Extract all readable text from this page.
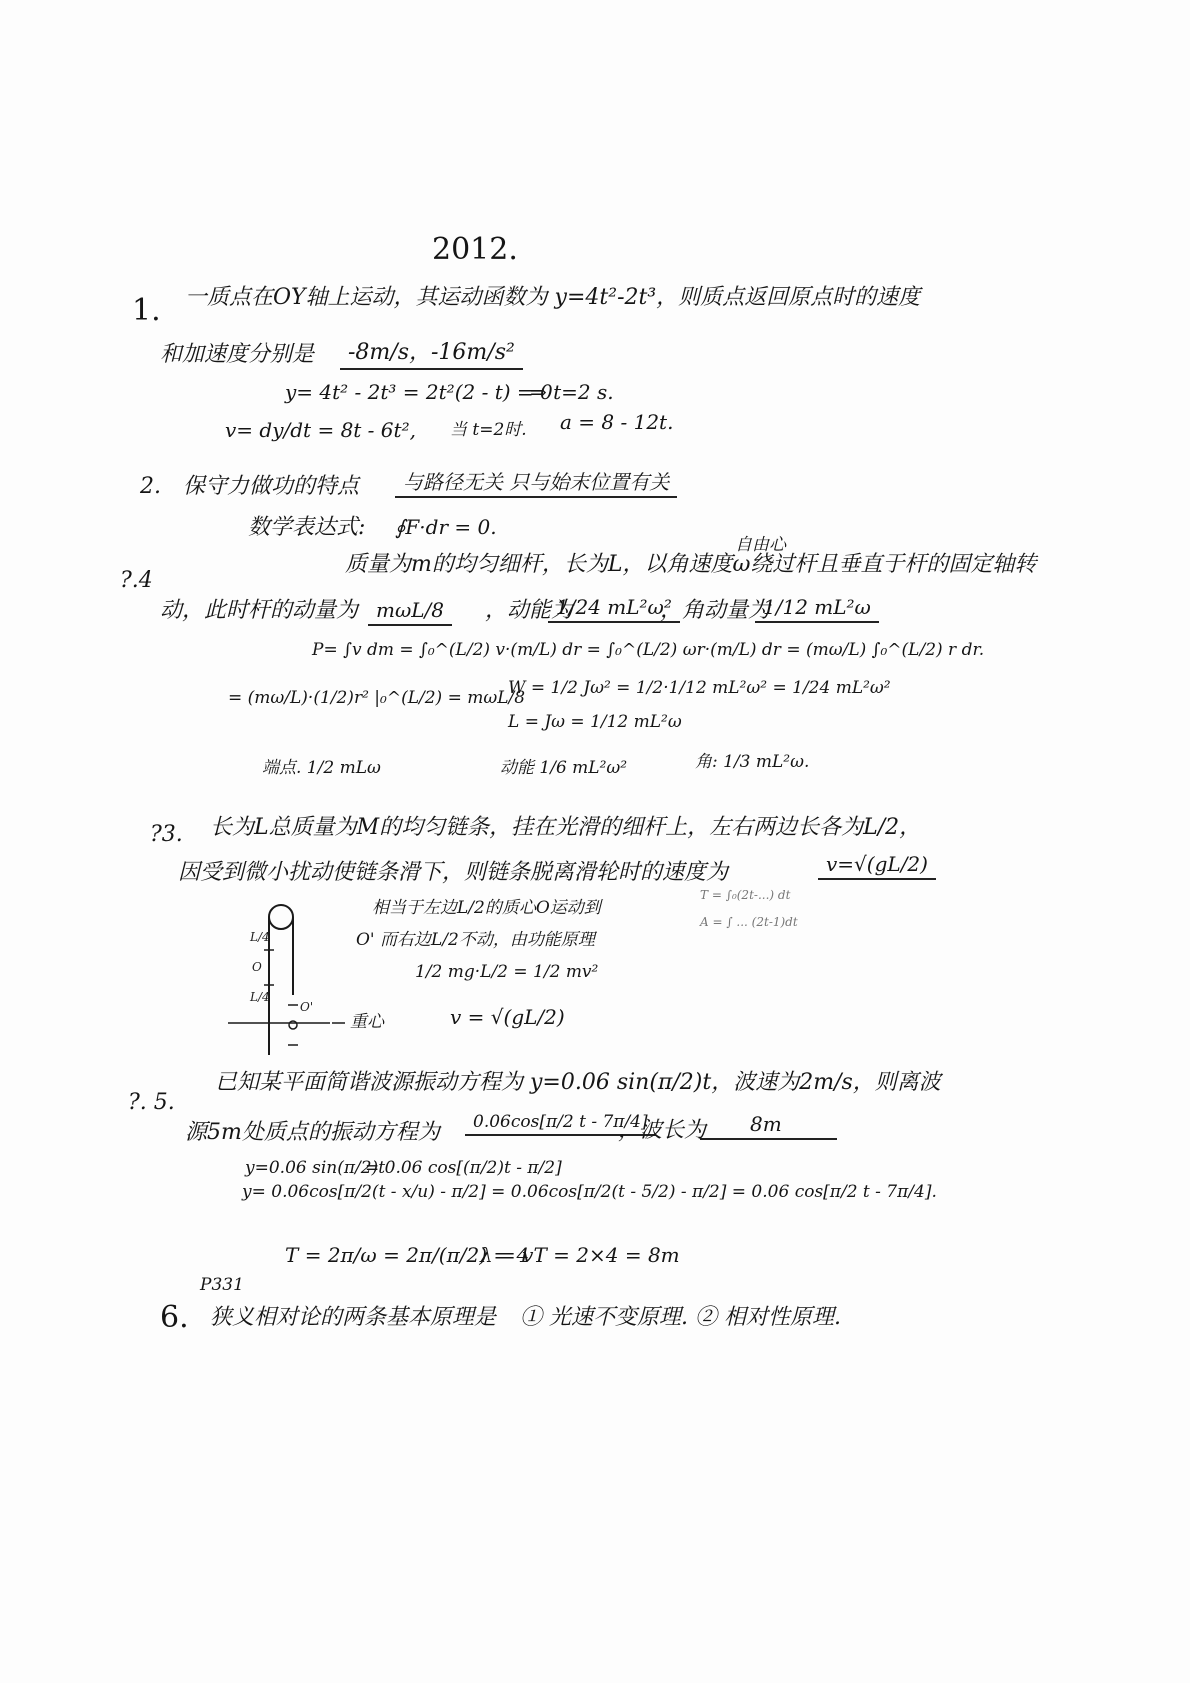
2012.
1. 一质点在OY轴上运动，其运动函数为 y=4t²-2t³，则质点返回原点时的速度
和加速度分别是	-8m/s，-16m/s²
y= 4t² - 2t³ = 2t²(2 - t) = 0
⇒ t=2 s.
v= dy/dt = 8t - 6t², 当 t=2时. a = 8 - 12t.
2. 保守力做功的特点	与路径无关 只与始末位置有关
数学表达式: ∮F·dr = 0.
自由心
?.4
质量为m的均匀细杆，长为L，以角速度ω绕过杆且垂直于杆的固定轴转
动，此时杆的动量为 mωL/8	，动能为
1/24 mL²ω²
，角动量为
1/12 mL²ω
P= ∫v dm = ∫₀^(L/2) v·(m/L) dr = ∫₀^(L/2) ωr·(m/L) dr = (mω/L) ∫₀^(L/2) r dr.
= (mω/L)·(1/2)r² |₀^(L/2) = mωL/8
W = 1/2 Jω² = 1/2·1/12 mL²ω² = 1/24 mL²ω²
L = Jω = 1/12 mL²ω
端点. 1/2 mLω	动能 1/6 mL²ω²	角: 1/3 mL²ω.
?3. 长为L总质量为M的均匀链条，挂在光滑的细杆上，左右两边长各为L/2，
因受到微小扰动使链条滑下，则链条脱离滑轮时的速度为	v=√(gL/2)
T = ∫₀(2t-...) dt
A = ∫ ... (2t-1)dt
相当于左边L/2的质心O运动到
O' 而右边L/2不动，由功能原理
1/2 mg·L/2 = 1/2 mv²
v = √(gL/2)
L/4
O
L/4
O'
重心
?. 5.
已知某平面简谐波源振动方程为 y=0.06 sin(π/2)t，波速为2m/s，则离波
源5m处质点的振动方程为	0.06cos[π/2 t - 7π/4]
，波长为	8m
y=0.06 sin(π/2)t
= 0.06 cos[(π/2)t - π/2]
y= 0.06cos[π/2(t - x/u) - π/2] = 0.06cos[π/2(t - 5/2) - π/2] = 0.06 cos[π/2 t - 7π/4].
T = 2π/ω = 2π/(π/2) = 4
λ = vT = 2×4 = 8m
P331
6. 狭义相对论的两条基本原理是 ① 光速不变原理. ② 相对性原理.
